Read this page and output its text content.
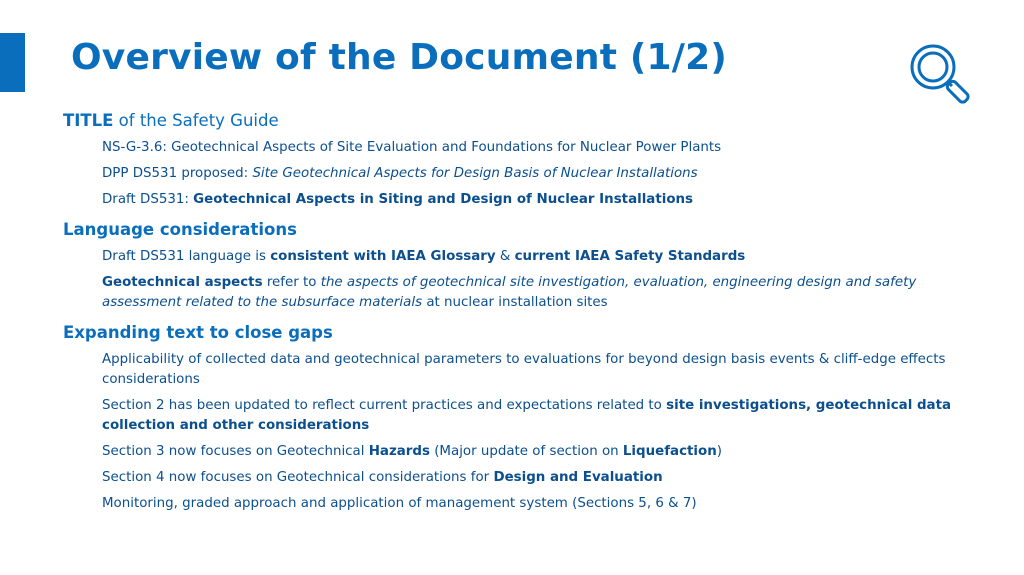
Overview of the Document (1/2)

TITLE of the Safety Guide

NS-G-3.6: Geotechnical Aspects of Site Evaluation and Foundations for Nuclear Power Plants
DPP DS531 proposed: Site Geotechnical Aspects for Design Basis of Nuclear Installations
Draft DS531: Geotechnical Aspects in Siting and Design of Nuclear Installations

Language considerations

Draft DS531 language is consistent with IAEA Glossary & current IAEA Safety Standards
Geotechnical aspects refer to the aspects of geotechnical site investigation, evaluation, engineering design and safety assessment related to the subsurface materials at nuclear installation sites

Expanding text to close gaps

Applicability of collected data and geotechnical parameters to evaluations for beyond design basis events & cliff-edge effects considerations
Section 2 has been updated to reflect current practices and expectations related to site investigations, geotechnical data collection and other considerations
Section 3 now focuses on Geotechnical Hazards (Major update of section on Liquefaction)
Section 4 now focuses on Geotechnical considerations for Design and Evaluation
Monitoring, graded approach and application of management system (Sections 5, 6 & 7)
